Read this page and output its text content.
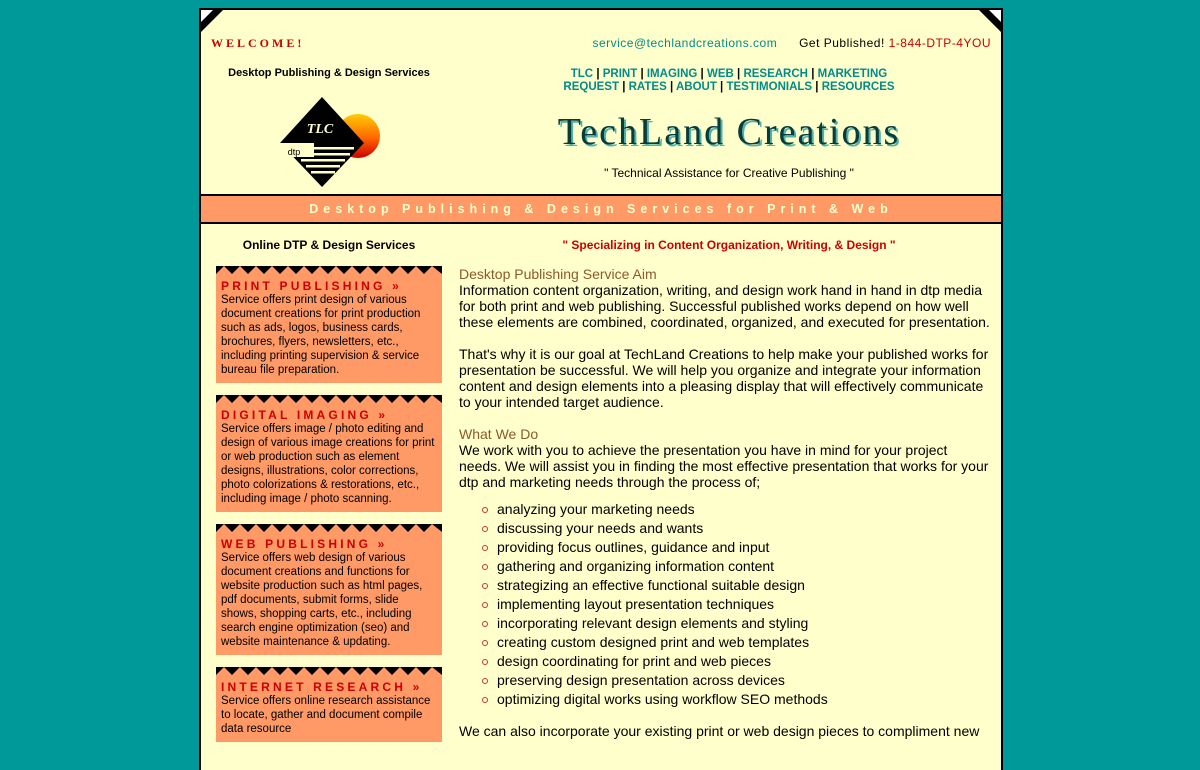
WELCOME!	service@techlandcreations.com Get Published! 1-844-DTP-4YOU
Desktop Publishing & Design Services
TLC
dtp
TLC | PRINT | IMAGING | WEB | RESEARCH | MARKETING
REQUEST | RATES | ABOUT | TESTIMONIALS | RESOURCES
TechLand Creations
" Technical Assistance for Creative Publishing "
Desktop Publishing & Design Services for Print & Web
Online DTP & Design Services	" Specializing in Content Organization, Writing, & Design "
PRINT PUBLISHING »
Service offers print design of various document creations for print production such as ads, logos, business cards, brochures, flyers, newsletters, etc., including printing supervision & service bureau file preparation.
DIGITAL IMAGING »
Service offers image / photo editing and design of various image creations for print or web production such as element designs, illustrations, color corrections, photo colorizations & restorations, etc., including image / photo scanning.
WEB PUBLISHING »
Service offers web design of various document creations and functions for website production such as html pages, pdf documents, submit forms, slide shows, shopping carts, etc., including search engine optimization (seo) and website maintenance & updating.
INTERNET RESEARCH »
Service offers online research assistance to locate, gather and document compile data resource
Desktop Publishing Service Aim

Information content organization, writing, and design work hand in hand in dtp media for both print and web publishing. Successful published works depend on how well these elements are combined, coordinated, organized, and executed for presentation.

That's why it is our goal at TechLand Creations to help make your published works for presentation be successful. We will help you organize and integrate your information content and design elements into a pleasing display that will effectively communicate to your intended target audience.

What We Do

We work with you to achieve the presentation you have in mind for your project needs. We will assist you in finding the most effective presentation that works for your dtp and marketing needs through the process of;

analyzing your marketing needs
discussing your needs and wants
providing focus outlines, guidance and input
gathering and organizing information content
strategizing an effective functional suitable design
implementing layout presentation techniques
incorporating relevant design elements and styling
creating custom designed print and web templates
design coordinating for print and web pieces
preserving design presentation across devices
optimizing digital works using workflow SEO methods

We can also incorporate your existing print or web design pieces to compliment new
